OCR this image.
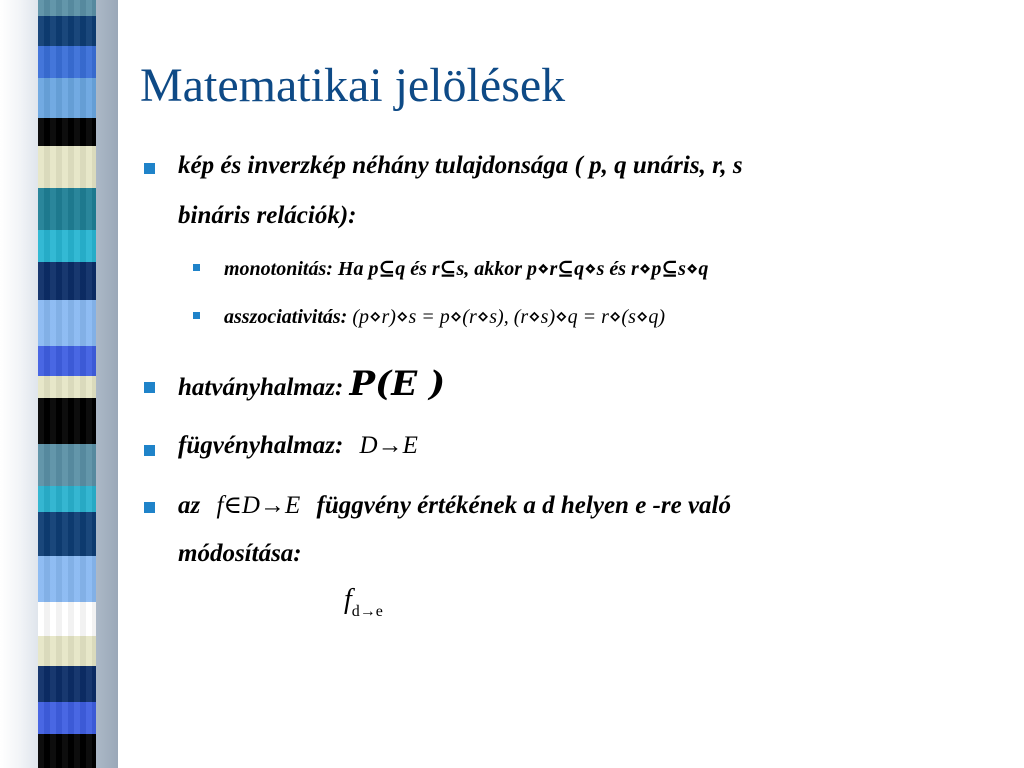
Matematikai jelölések
kép és inverzkép néhány tulajdonsága ( p, q unáris, r, s
bináris relációk):
monotonitás: Ha p⊆q és r⊆s, akkor p⋄r⊆q⋄s és r⋄p⊆s⋄q
asszociativitás: (p⋄r)⋄s = p⋄(r⋄s), (r⋄s)⋄q = r⋄(s⋄q)
hatványhalmaz: P(E )
fügvényhalmaz: D→E
az f∈D→E függvény értékének a d helyen e -re való
módosítása:
$f_{d\to e}$
